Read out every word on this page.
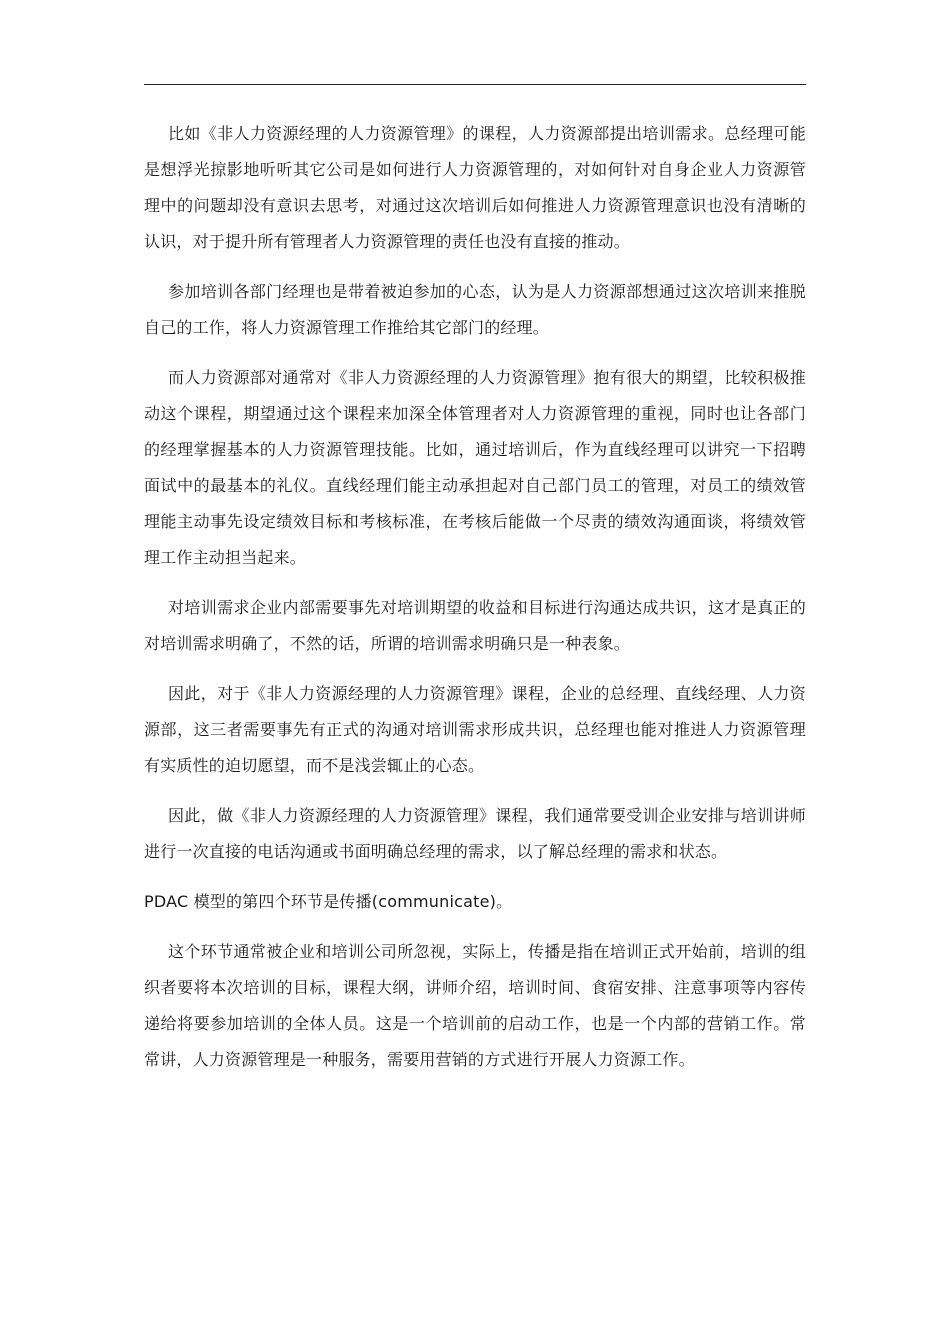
比如《非人力资源经理的人力资源管理》的课程，人力资源部提出培训需求。总经理可能是想浮光掠影地听听其它公司是如何进行人力资源管理的，对如何针对自身企业人力资源管理中的问题却没有意识去思考，对通过这次培训后如何推进人力资源管理意识也没有清晰的认识，对于提升所有管理者人力资源管理的责任也没有直接的推动。

参加培训各部门经理也是带着被迫参加的心态，认为是人力资源部想通过这次培训来推脱自己的工作，将人力资源管理工作推给其它部门的经理。

而人力资源部对通常对《非人力资源经理的人力资源管理》抱有很大的期望，比较积极推动这个课程，期望通过这个课程来加深全体管理者对人力资源管理的重视，同时也让各部门的经理掌握基本的人力资源管理技能。比如，通过培训后，作为直线经理可以讲究一下招聘面试中的最基本的礼仪。直线经理们能主动承担起对自己部门员工的管理，对员工的绩效管理能主动事先设定绩效目标和考核标准，在考核后能做一个尽责的绩效沟通面谈，将绩效管理工作主动担当起来。

对培训需求企业内部需要事先对培训期望的收益和目标进行沟通达成共识，这才是真正的对培训需求明确了，不然的话，所谓的培训需求明确只是一种表象。

因此，对于《非人力资源经理的人力资源管理》课程，企业的总经理、直线经理、人力资源部，这三者需要事先有正式的沟通对培训需求形成共识，总经理也能对推进人力资源管理有实质性的迫切愿望，而不是浅尝辄止的心态。

因此，做《非人力资源经理的人力资源管理》课程，我们通常要受训企业安排与培训讲师进行一次直接的电话沟通或书面明确总经理的需求，以了解总经理的需求和状态。

PDAC 模型的第四个环节是传播(communicate)。

这个环节通常被企业和培训公司所忽视，实际上，传播是指在培训正式开始前，培训的组织者要将本次培训的目标，课程大纲，讲师介绍，培训时间、食宿安排、注意事项等内容传递给将要参加培训的全体人员。这是一个培训前的启动工作，也是一个内部的营销工作。常常讲，人力资源管理是一种服务，需要用营销的方式进行开展人力资源工作。
